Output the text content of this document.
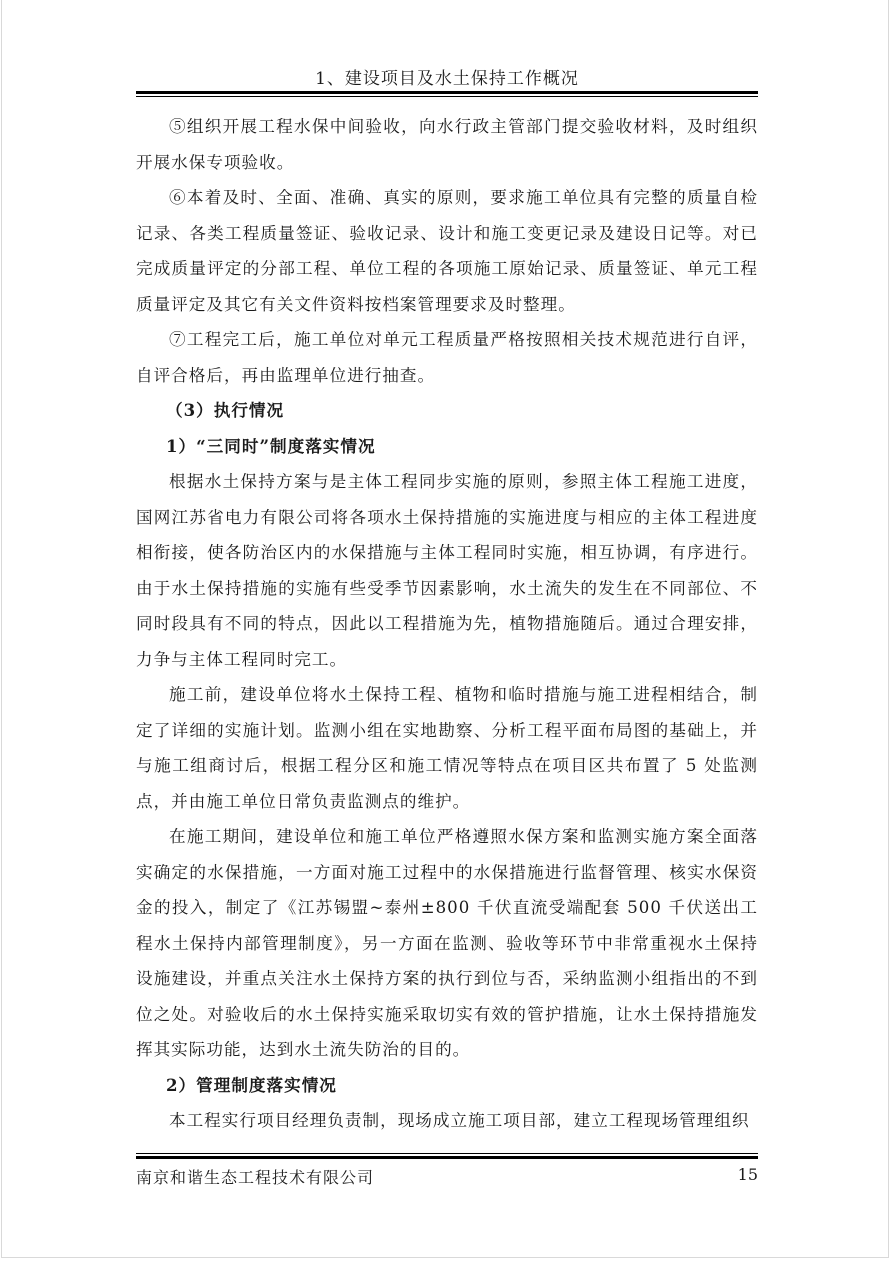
1、建设项目及水土保持工作概况

⑤组织开展工程水保中间验收，向水行政主管部门提交验收材料，及时组织开展水保专项验收。

⑥本着及时、全面、准确、真实的原则，要求施工单位具有完整的质量自检记录、各类工程质量签证、验收记录、设计和施工变更记录及建设日记等。对已完成质量评定的分部工程、单位工程的各项施工原始记录、质量签证、单元工程质量评定及其它有关文件资料按档案管理要求及时整理。

⑦工程完工后，施工单位对单元工程质量严格按照相关技术规范进行自评，自评合格后，再由监理单位进行抽查。

（3）执行情况

1）“三同时”制度落实情况

根据水土保持方案与是主体工程同步实施的原则，参照主体工程施工进度，国网江苏省电力有限公司将各项水土保持措施的实施进度与相应的主体工程进度相衔接，使各防治区内的水保措施与主体工程同时实施，相互协调，有序进行。由于水土保持措施的实施有些受季节因素影响，水土流失的发生在不同部位、不同时段具有不同的特点，因此以工程措施为先，植物措施随后。通过合理安排，力争与主体工程同时完工。

施工前，建设单位将水土保持工程、植物和临时措施与施工进程相结合，制定了详细的实施计划。监测小组在实地勘察、分析工程平面布局图的基础上，并与施工组商讨后，根据工程分区和施工情况等特点在项目区共布置了 5 处监测点，并由施工单位日常负责监测点的维护。

在施工期间，建设单位和施工单位严格遵照水保方案和监测实施方案全面落实确定的水保措施，一方面对施工过程中的水保措施进行监督管理、核实水保资金的投入，制定了《江苏锡盟~泰州±800 千伏直流受端配套 500 千伏送出工程水土保持内部管理制度》，另一方面在监测、验收等环节中非常重视水土保持设施建设，并重点关注水土保持方案的执行到位与否，采纳监测小组指出的不到位之处。对验收后的水土保持实施采取切实有效的管护措施，让水土保持措施发挥其实际功能，达到水土流失防治的目的。

2）管理制度落实情况

本工程实行项目经理负责制，现场成立施工项目部，建立工程现场管理组织

南京和谐生态工程技术有限公司	15
